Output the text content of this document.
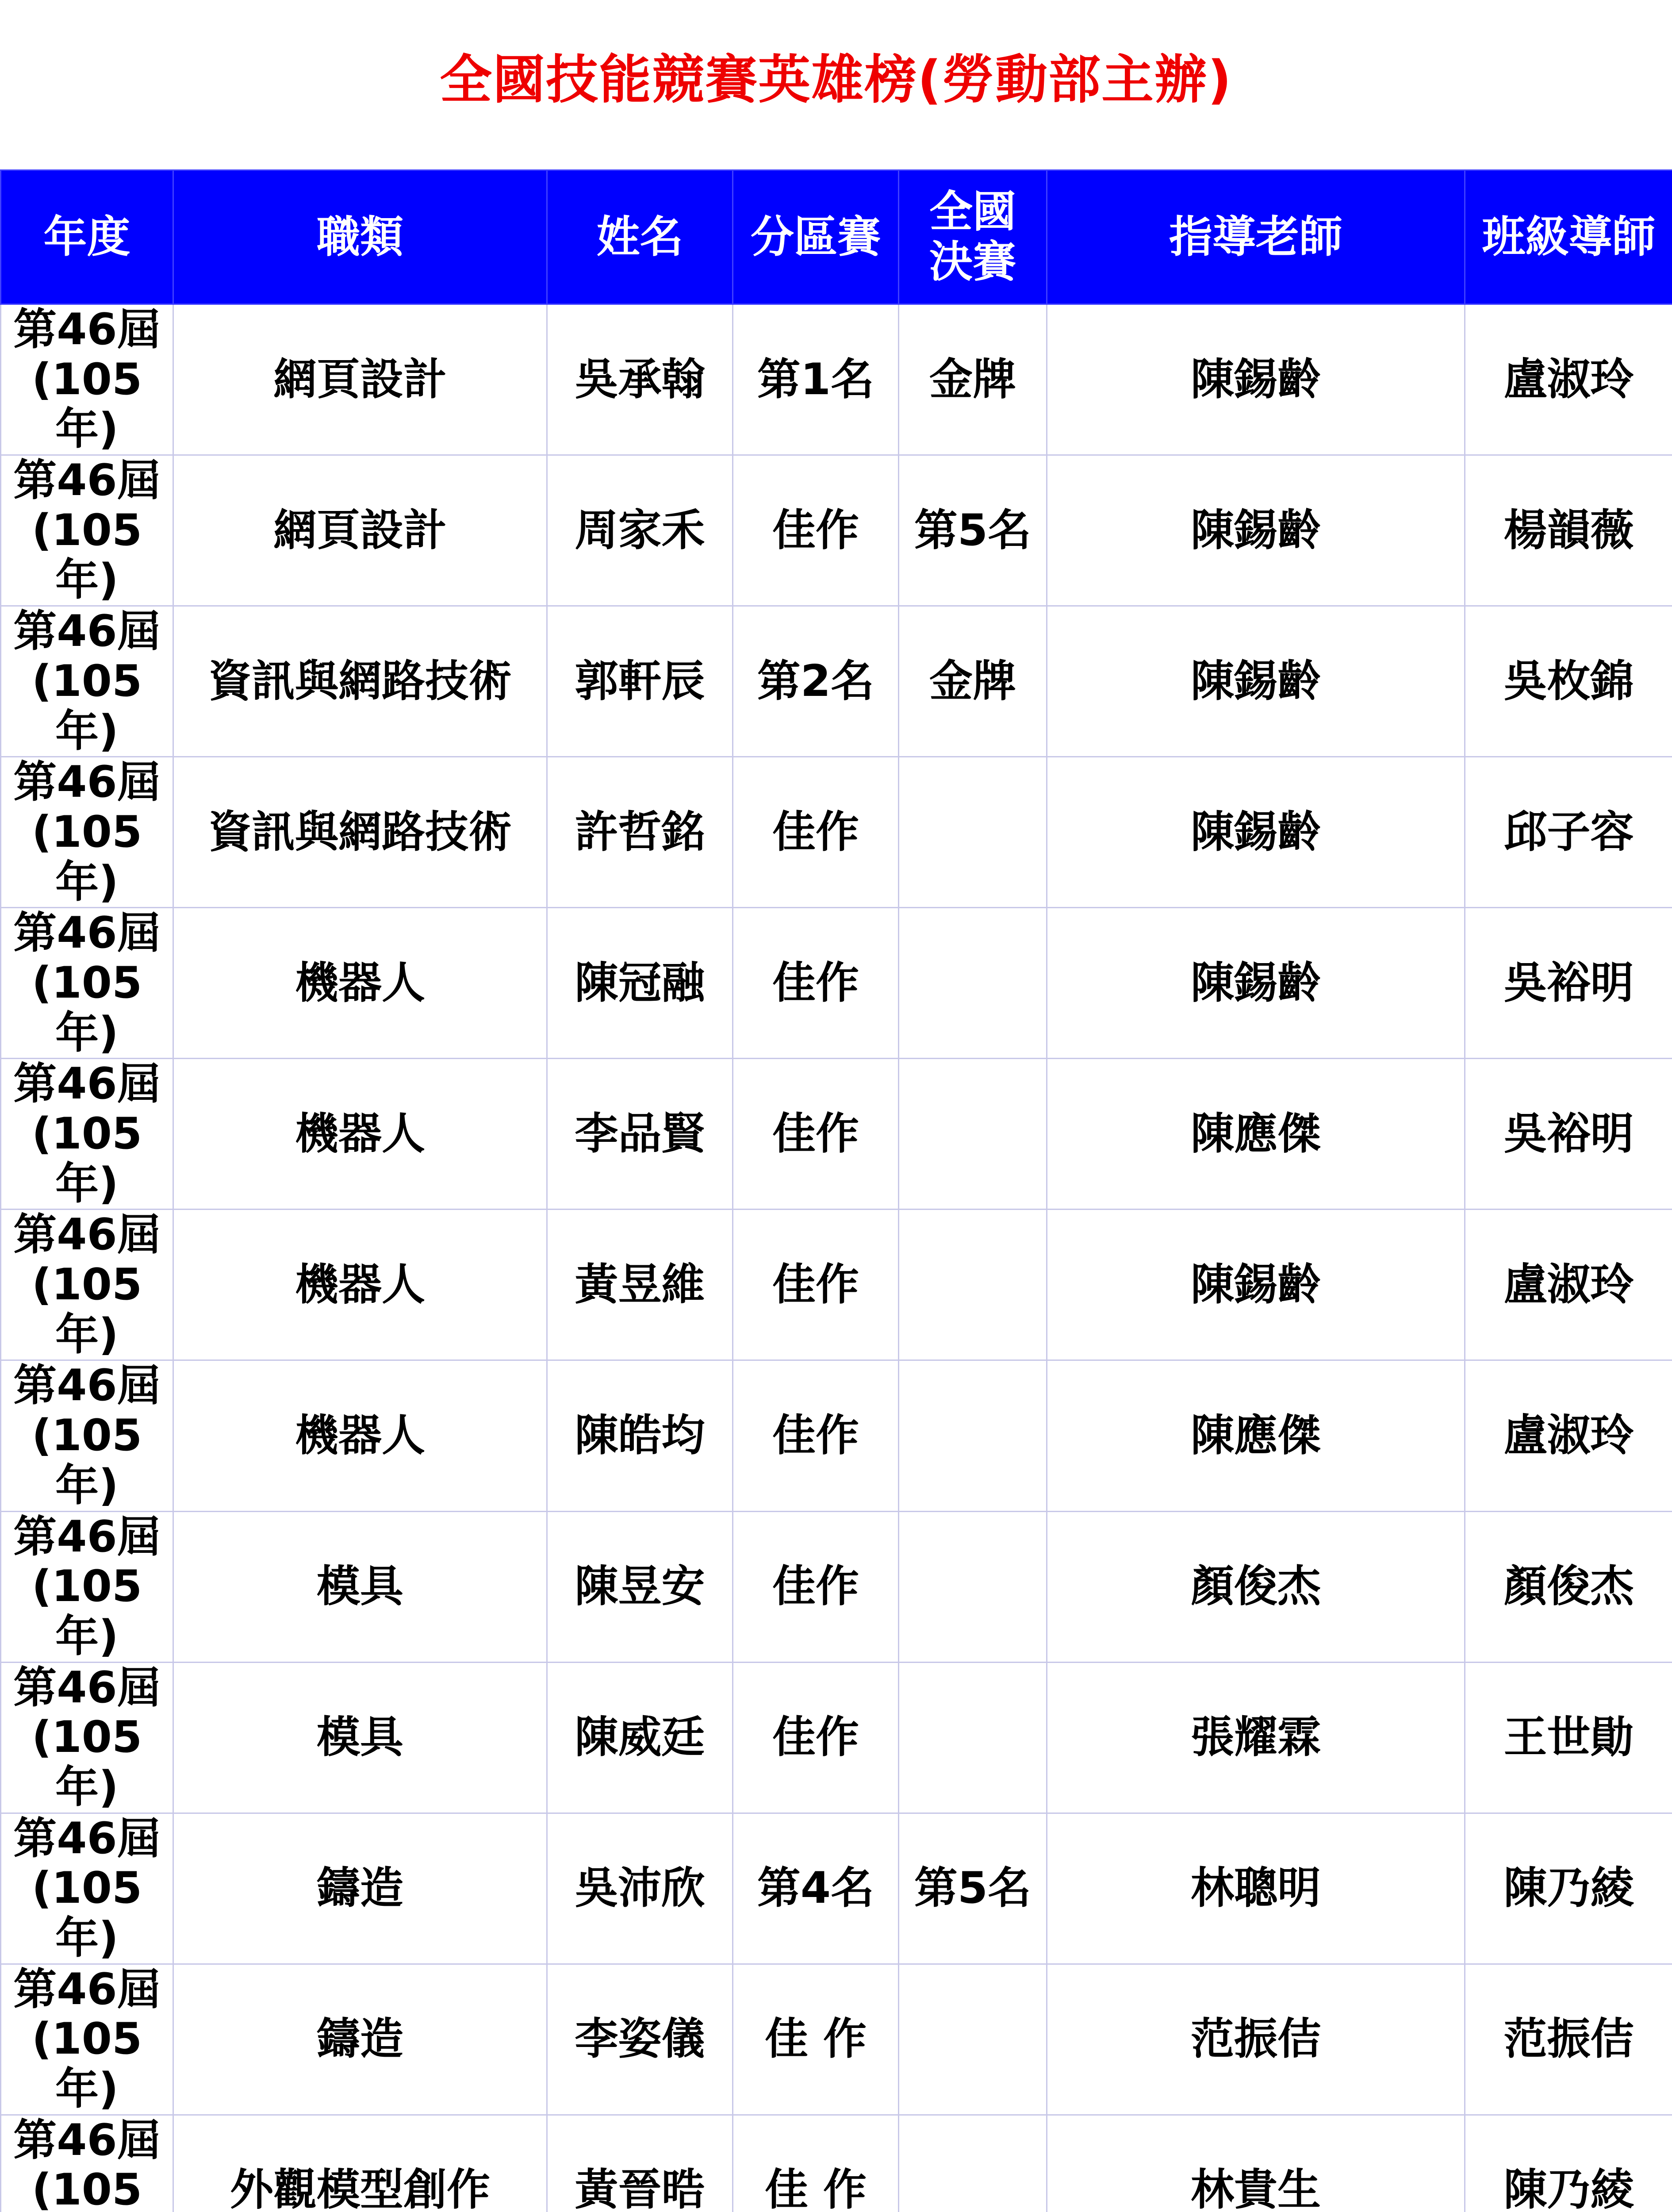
全國技能競賽英雄榜(勞動部主辦)
年度	職類	姓名	分區賽	全國
決賽	指導老師	班級導師

第46屆
(105年)	網頁設計	吳承翰	第1名	金牌	陳錫齡	盧淑玲

第46屆
(105年)	網頁設計	周家禾	佳作	第5名	陳錫齡	楊韻薇

第46屆
(105年)	資訊與網路技術	郭軒辰	第2名	金牌	陳錫齡	吳枚錦

第46屆
(105年)	資訊與網路技術	許哲銘	佳作		陳錫齡	邱子容

第46屆
(105年)	機器人	陳冠融	佳作		陳錫齡	吳裕明

第46屆
(105年)	機器人	李品賢	佳作		陳應傑	吳裕明

第46屆
(105年)	機器人	黃昱維	佳作		陳錫齡	盧淑玲

第46屆
(105年)	機器人	陳皓均	佳作		陳應傑	盧淑玲

第46屆
(105年)	模具	陳昱安	佳作		顏俊杰	顏俊杰

第46屆
(105年)	模具	陳威廷	佳作		張耀霖	王世勛

第46屆
(105年)	鑄造	吳沛欣	第4名	第5名	林聰明	陳乃綾

第46屆
(105年)	鑄造	李姿儀	佳 作		范振佶	范振佶

第46屆
(105	外觀模型創作	黃晉晧	佳 作		林貴生	陳乃綾
